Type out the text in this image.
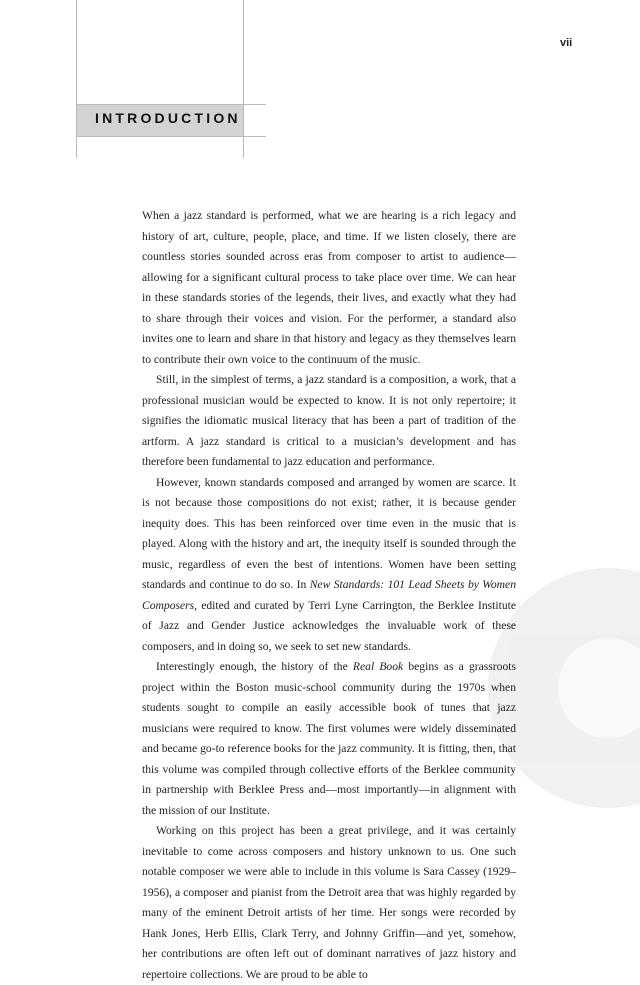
INTRODUCTION
vii

When a jazz standard is performed, what we are hearing is a rich legacy and history of art, culture, people, place, and time. If we listen closely, there are countless stories sounded across eras from composer to artist to audience—allowing for a significant cultural process to take place over time. We can hear in these standards stories of the legends, their lives, and exactly what they had to share through their voices and vision. For the performer, a standard also invites one to learn and share in that history and legacy as they themselves learn to contribute their own voice to the continuum of the music.

Still, in the simplest of terms, a jazz standard is a composition, a work, that a professional musician would be expected to know. It is not only repertoire; it signifies the idiomatic musical literacy that has been a part of tradition of the artform. A jazz standard is critical to a musician’s development and has therefore been fundamental to jazz education and performance.

However, known standards composed and arranged by women are scarce. It is not because those compositions do not exist; rather, it is because gender inequity does. This has been reinforced over time even in the music that is played. Along with the history and art, the inequity itself is sounded through the music, regardless of even the best of intentions. Women have been setting standards and continue to do so. In New Standards: 101 Lead Sheets by Women Composers, edited and curated by Terri Lyne Carrington, the Berklee Institute of Jazz and Gender Justice acknowledges the invaluable work of these composers, and in doing so, we seek to set new standards.

Interestingly enough, the history of the Real Book begins as a grassroots project within the Boston music-school community during the 1970s when students sought to compile an easily accessible book of tunes that jazz musicians were required to know. The first volumes were widely disseminated and became go-to reference books for the jazz community. It is fitting, then, that this volume was compiled through collective efforts of the Berklee community in partnership with Berklee Press and—most importantly—in alignment with the mission of our Institute.

Working on this project has been a great privilege, and it was certainly inevitable to come across composers and history unknown to us. One such notable composer we were able to include in this volume is Sara Cassey (1929–1956), a composer and pianist from the Detroit area that was highly regarded by many of the eminent Detroit artists of her time. Her songs were recorded by Hank Jones, Herb Ellis, Clark Terry, and Johnny Griffin—and yet, somehow, her contributions are often left out of dominant narratives of jazz history and repertoire collections. We are proud to be able to
